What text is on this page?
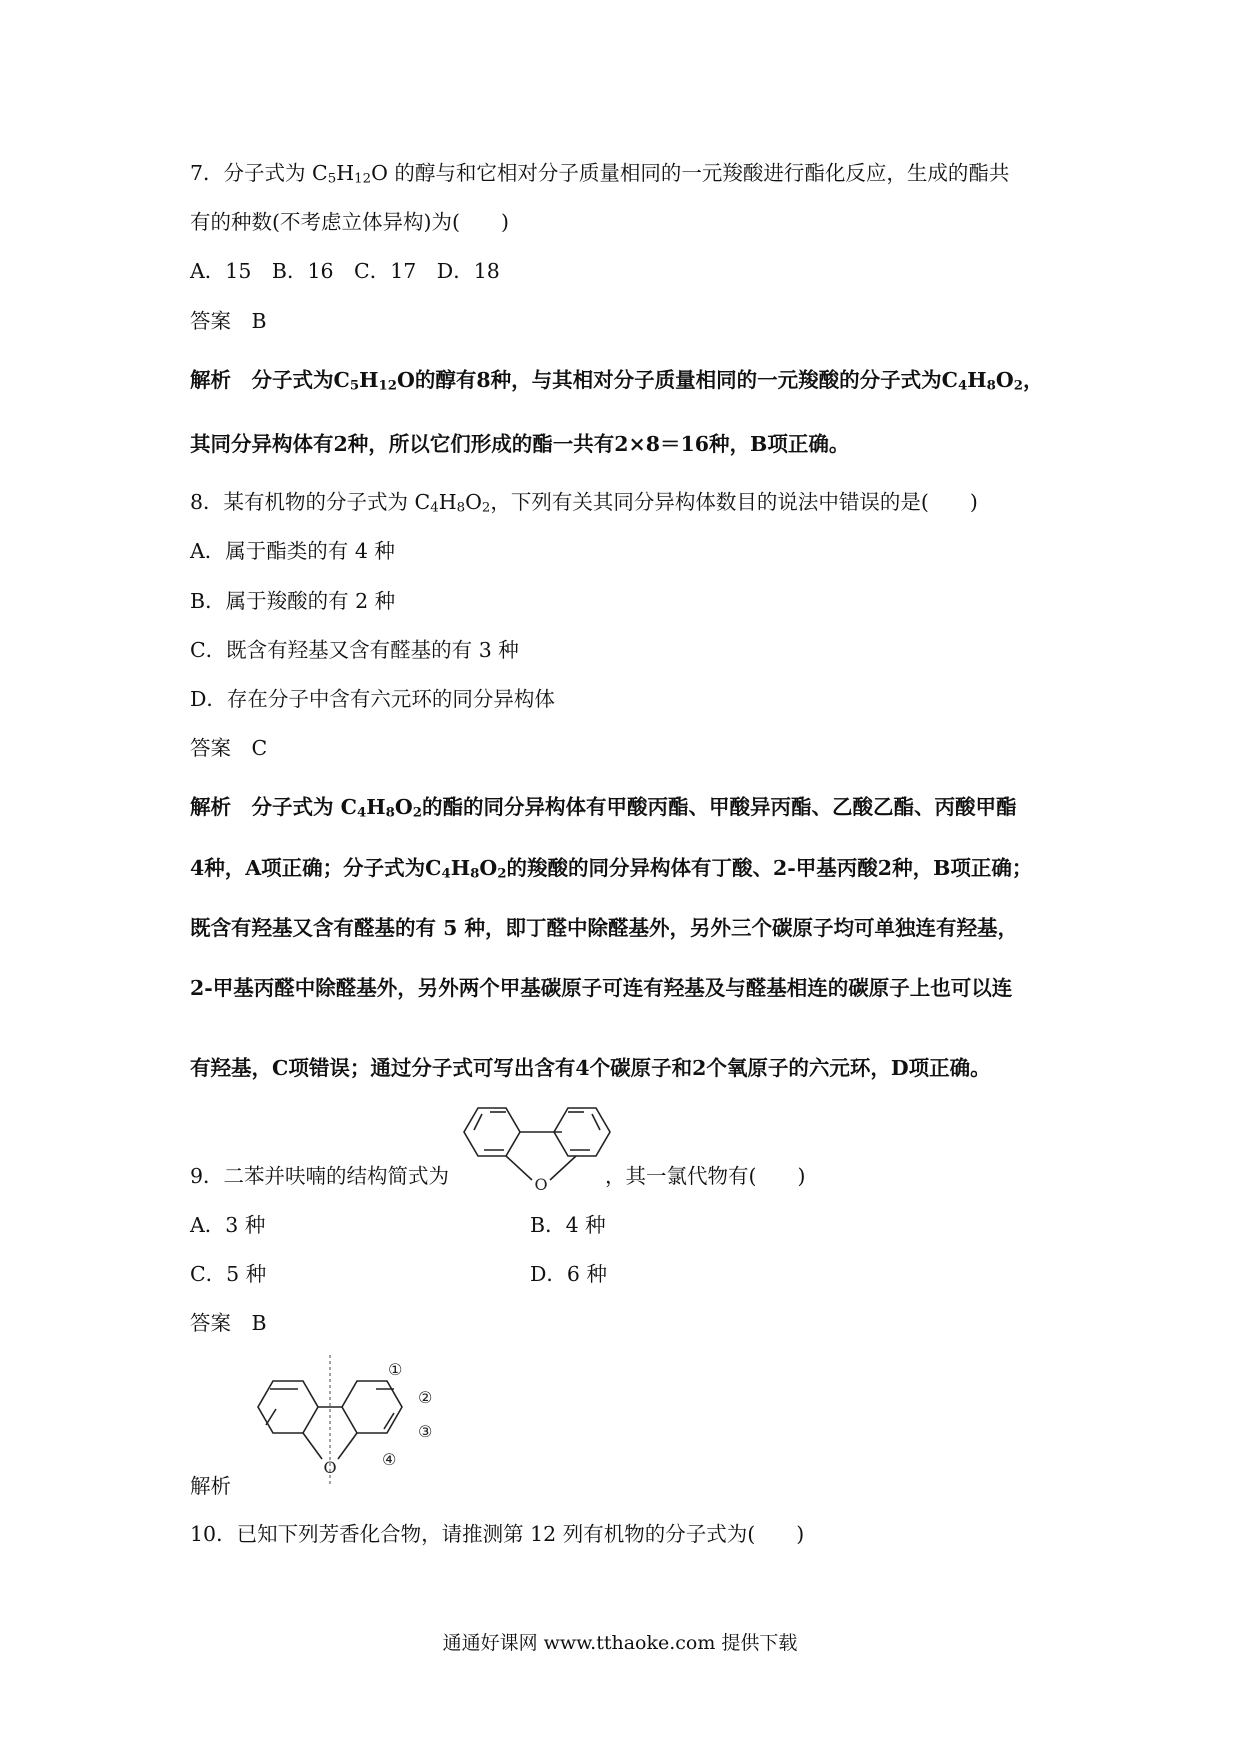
7．分子式为 $C_5H_{12}O$ 的醇与和它相对分子质量相同的一元羧酸进行酯化反应，生成的酯共
有的种数(不考虑立体异构)为(　　)
A．15　B．16　C．17　D．18
答案　B
解析　分子式为$C_5H_{12}O$的醇有8种，与其相对分子质量相同的一元羧酸的分子式为$C_4H_8O_2$，
其同分异构体有2种，所以它们形成的酯一共有2×8＝16种，B项正确。
8．某有机物的分子式为 $C_4H_8O_2$，下列有关其同分异构体数目的说法中错误的是(　　)
A．属于酯类的有 4 种
B．属于羧酸的有 2 种
C．既含有羟基又含有醛基的有 3 种
D．存在分子中含有六元环的同分异构体
答案　C
解析　分子式为 $C_4H_8O_2$的酯的同分异构体有甲酸丙酯、甲酸异丙酯、乙酸乙酯、丙酸甲酯
4种，A项正确；分子式为$C_4H_8O_2$的羧酸的同分异构体有丁酸、2-甲基丙酸2种，B项正确；
既含有羟基又含有醛基的有 5 种，即丁醛中除醛基外，另外三个碳原子均可单独连有羟基，
2-甲基丙醛中除醛基外，另外两个甲基碳原子可连有羟基及与醛基相连的碳原子上也可以连
有羟基，C项错误；通过分子式可写出含有4个碳原子和2个氧原子的六元环，D项正确。
9．二苯并呋喃的结构简式为	O	，其一氯代物有(　　)
A．3 种	B．4 种
C．5 种	D．6 种
答案　B
O
①
②
③
④
解析
10．已知下列芳香化合物，请推测第 12 列有机物的分子式为(　　)
通通好课网 www.tthaoke.com 提供下载
